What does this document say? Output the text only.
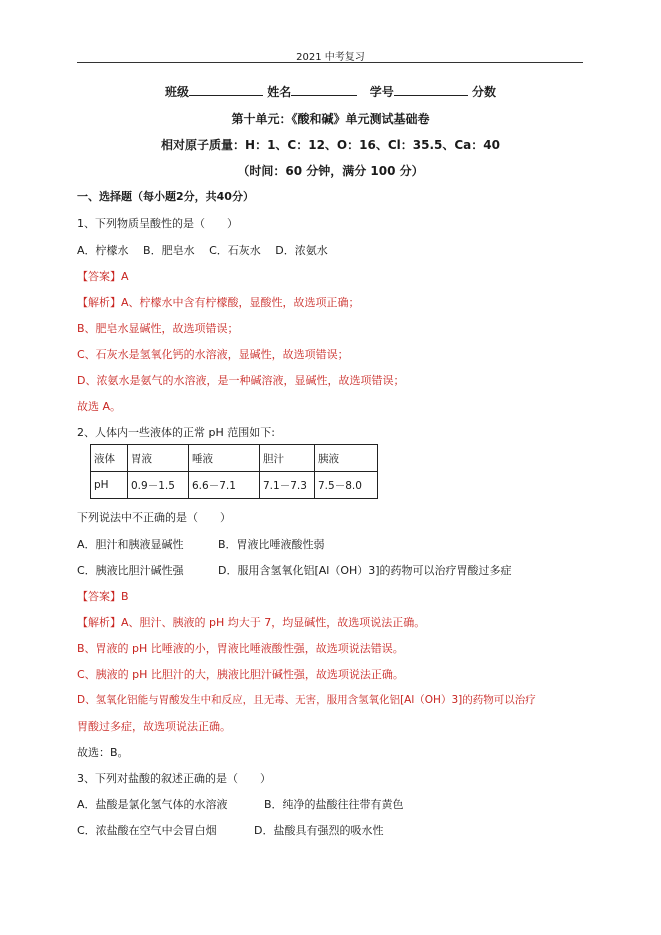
2021 中考复习
班级	姓名	学号	分数
第十单元：《酸和碱》单元测试基础卷
相对原子质量：H：1、C：12、O：16、Cl：35.5、Ca：40
（时间：60 分钟，满分 100 分）
一、选择题（每小题2分，共40分）
1、下列物质呈酸性的是（　　）
A．柠檬水　 B．肥皂水　 C．石灰水　 D．浓氨水
【答案】A
【解析】A、柠檬水中含有柠檬酸，显酸性，故选项正确；
B、肥皂水显碱性，故选项错误；
C、石灰水是氢氧化钙的水溶液，显碱性，故选项错误；
D、浓氨水是氨气的水溶液，是一种碱溶液，显碱性，故选项错误；
故选 A。
2、人体内一些液体的正常 pH 范围如下:
液体	胃液	唾液	胆汁	胰液
pH	0.9－1.5	6.6－7.1	7.1－7.3	7.5－8.0
下列说法中不正确的是（　　）
A．胆汁和胰液显碱性	B．胃液比唾液酸性弱
C．胰液比胆汁碱性强	D．服用含氢氧化铝[Al（OH）3]的药物可以治疗胃酸过多症
【答案】B
【解析】A、胆汁、胰液的 pH 均大于 7，均显碱性，故选项说法正确。
B、胃液的 pH 比唾液的小，胃液比唾液酸性强，故选项说法错误。
C、胰液的 pH 比胆汁的大，胰液比胆汁碱性强，故选项说法正确。
D、氢氧化铝能与胃酸发生中和反应，且无毒、无害，服用含氢氧化铝[Al（OH）3]的药物可以治疗
胃酸过多症，故选项说法正确。
故选：B。
3、下列对盐酸的叙述正确的是（　　）
A．盐酸是氯化氢气体的水溶液	B．纯净的盐酸往往带有黄色
C．浓盐酸在空气中会冒白烟	D．盐酸具有强烈的吸水性
